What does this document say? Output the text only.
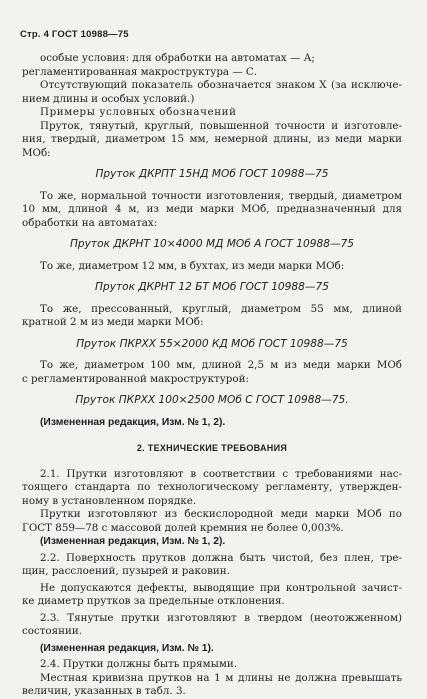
Стр. 4 ГОСТ 10988—75
особые условия: для обработки на автоматах — А;
регламентированная макроструктура — С.
Отсутствующий показатель обозначается знаком X (за исключе-
нием длины и особых условий.)
Примеры условных обозначений
Пруток, тянутый, круглый, повышенной точности и изготовле-
ния, твердый, диаметром 15 мм, немерной длины, из меди марки
МОб:
Пруток ДКРПТ 15НД МОб ГОСТ 10988—75
То же, нормальной точности изготовления, твердый, диаметром
10 мм, длиной 4 м, из меди марки МОб, предназначенный для
обработки на автоматах:
Пруток ДКРНТ 10×4000 МД МОб А ГОСТ 10988—75
То же, диаметром 12 мм, в бухтах, из меди марки МОб:
Пруток ДКРНТ 12 БТ МОб ГОСТ 10988—75
То же, прессованный, круглый, диаметром 55 мм, длиной
кратной 2 м из меди марки МОб:
Пруток ПКРХХ 55×2000 КД МОб ГОСТ 10988—75
То же, диаметром 100 мм, длиной 2,5 м из меди марки МОб
с регламентированной макроструктурой:
Пруток ПКРХХ 100×2500 МОб С ГОСТ 10988—75.
(Измененная редакция, Изм. № 1, 2).
2. ТЕХНИЧЕСКИЕ ТРЕБОВАНИЯ
2.1. Прутки изготовляют в соответствии с требованиями нас-
тоящего стандарта по технологическому регламенту, утвержден-
ному в установленном порядке.
Прутки изготовляют из бескислородной меди марки МОб по
ГОСТ 859—78 с массовой долей кремния не более 0,003%.
(Измененная редакция, Изм. № 1, 2).
2.2. Поверхность прутков должна быть чистой, без плен, тре-
щин, расслоений, пузырей и раковин.
Не допускаются дефекты, выводящие при контрольной зачист-
ке диаметр прутков за предельные отклонения.
2.3. Тянутые прутки изготовляют в твердом (неотожженном)
состоянии.
(Измененная редакция, Изм. № 1).
2.4. Прутки должны быть прямыми.
Местная кривизна прутков на 1 м длины не должна превышать
величин, указанных в табл. 3.
